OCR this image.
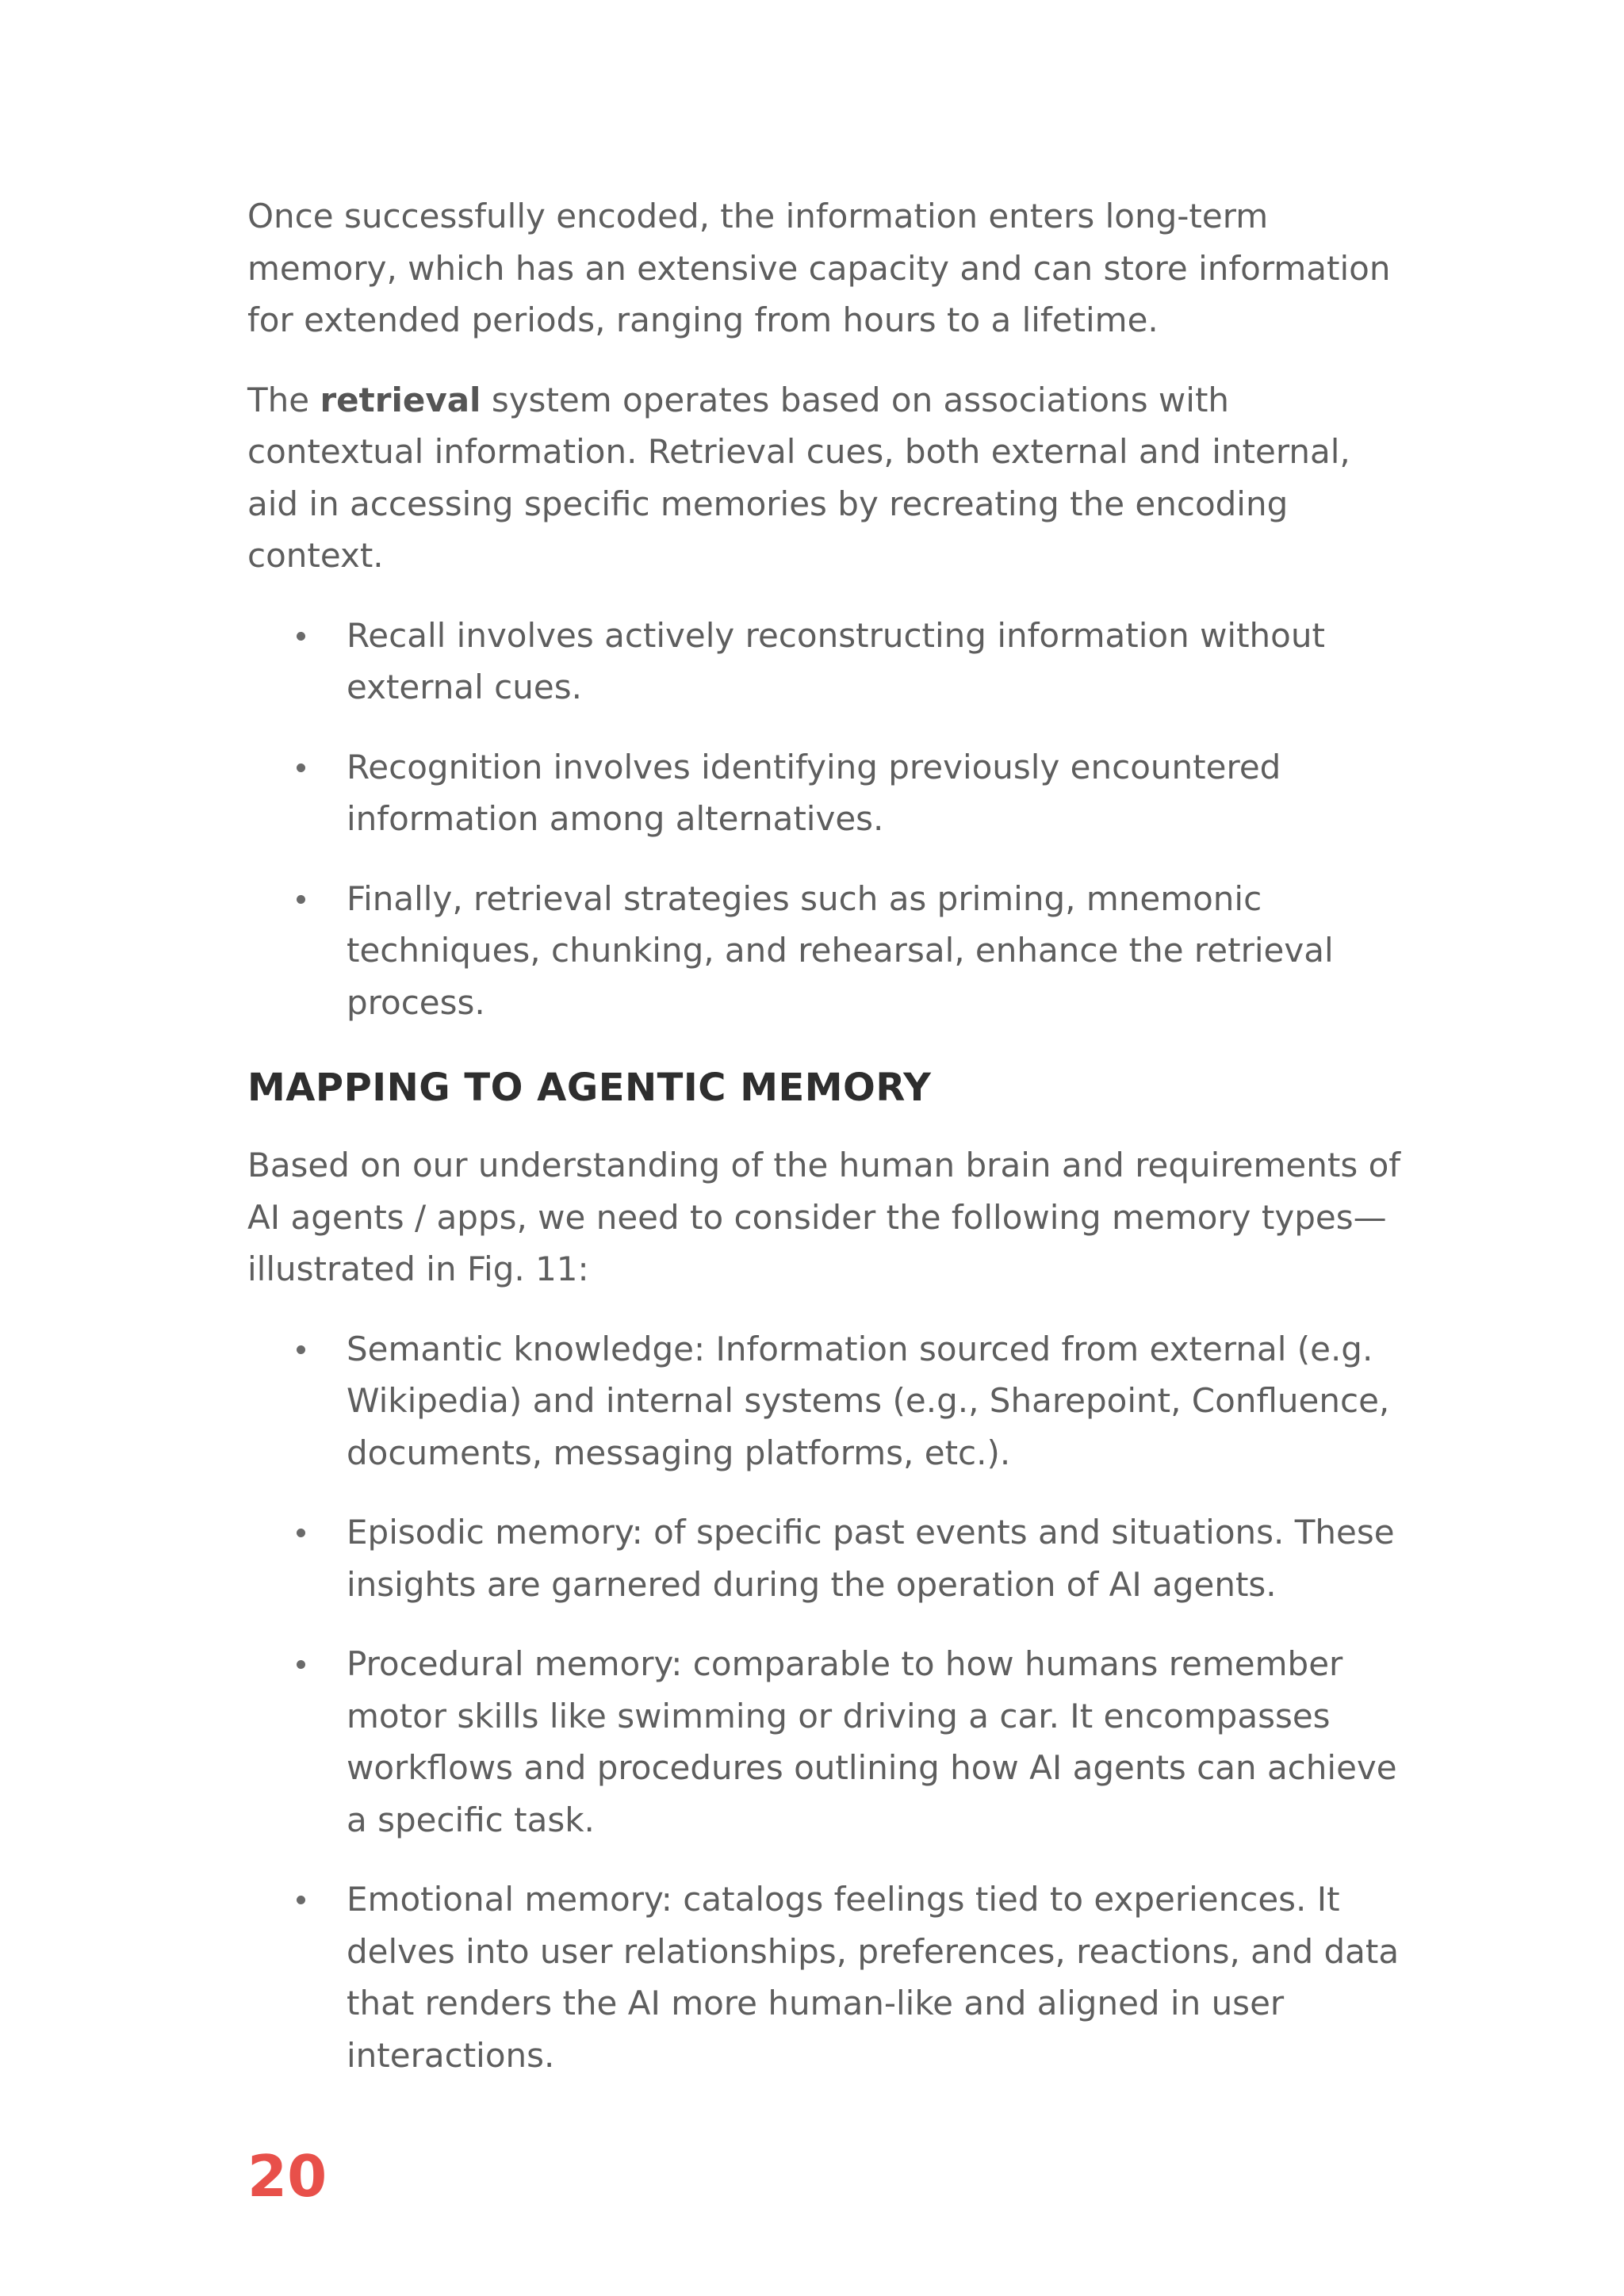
Once successfully encoded, the information enters long-term memory, which has an extensive capacity and can store information for extended periods, ranging from hours to a lifetime.

The retrieval system operates based on associations with contextual information. Retrieval cues, both external and internal, aid in accessing specific memories by recreating the encoding context.

Recall involves actively reconstructing information without external cues.
Recognition involves identifying previously encountered information among alternatives.
Finally, retrieval strategies such as priming, mnemonic techniques, chunking, and rehearsal, enhance the retrieval process.
MAPPING TO AGENTIC MEMORY

Based on our understanding of the human brain and requirements of AI agents / apps, we need to consider the following memory types—illustrated in Fig. 11:

Semantic knowledge: Information sourced from external (e.g. Wikipedia) and internal systems (e.g., Sharepoint, Confluence, documents, messaging platforms, etc.).
Episodic memory: of specific past events and situations. These insights are garnered during the operation of AI agents.
Procedural memory: comparable to how humans remember motor skills like swimming or driving a car. It encompasses workflows and procedures outlining how AI agents can achieve a specific task.
Emotional memory: catalogs feelings tied to experiences. It delves into user relationships, preferences, reactions, and data that renders the AI more human-like and aligned in user interactions.
20
